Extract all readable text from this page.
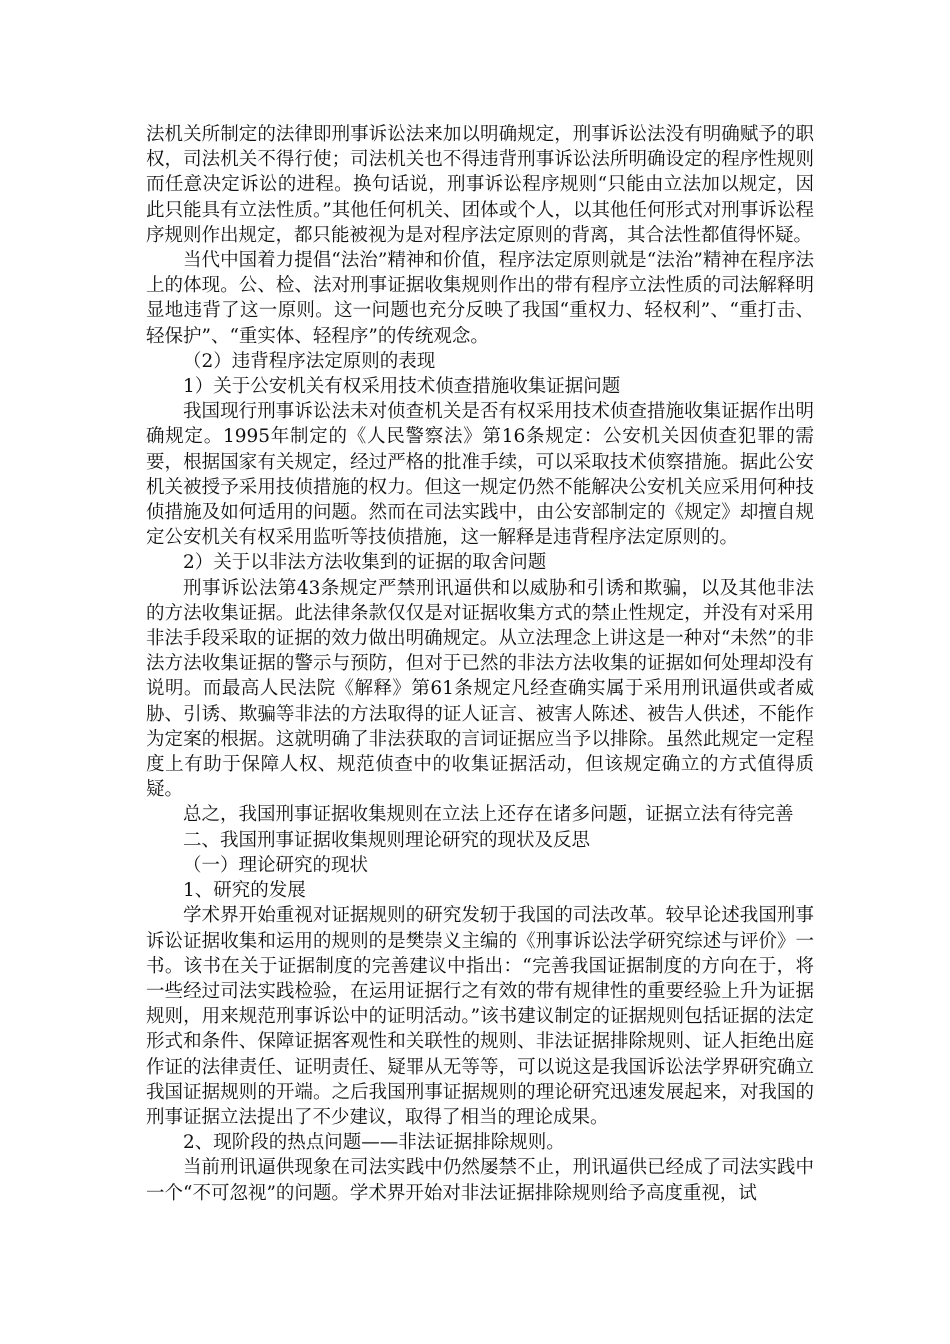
法机关所制定的法律即刑事诉讼法来加以明确规定，刑事诉讼法没有明确赋予的职权，司法机关不得行使；司法机关也不得违背刑事诉讼法所明确设定的程序性规则而任意决定诉讼的进程。换句话说，刑事诉讼程序规则“只能由立法加以规定，因此只能具有立法性质。”其他任何机关、团体或个人，以其他任何形式对刑事诉讼程序规则作出规定，都只能被视为是对程序法定原则的背离，其合法性都值得怀疑。

当代中国着力提倡“法治”精神和价值，程序法定原则就是“法治”精神在程序法上的体现。公、检、法对刑事证据收集规则作出的带有程序立法性质的司法解释明显地违背了这一原则。这一问题也充分反映了我国“重权力、轻权利”、“重打击、轻保护”、“重实体、轻程序”的传统观念。

（2）违背程序法定原则的表现

1）关于公安机关有权采用技术侦查措施收集证据问题

我国现行刑事诉讼法未对侦查机关是否有权采用技术侦查措施收集证据作出明确规定。1995年制定的《人民警察法》第16条规定：公安机关因侦查犯罪的需要，根据国家有关规定，经过严格的批准手续，可以采取技术侦察措施。据此公安机关被授予采用技侦措施的权力。但这一规定仍然不能解决公安机关应采用何种技侦措施及如何适用的问题。然而在司法实践中，由公安部制定的《规定》却擅自规定公安机关有权采用监听等技侦措施，这一解释是违背程序法定原则的。

2）关于以非法方法收集到的证据的取舍问题

刑事诉讼法第43条规定严禁刑讯逼供和以威胁和引诱和欺骗，以及其他非法的方法收集证据。此法律条款仅仅是对证据收集方式的禁止性规定，并没有对采用非法手段采取的证据的效力做出明确规定。从立法理念上讲这是一种对“未然”的非法方法收集证据的警示与预防，但对于已然的非法方法收集的证据如何处理却没有说明。而最高人民法院《解释》第61条规定凡经查确实属于采用刑讯逼供或者威胁、引诱、欺骗等非法的方法取得的证人证言、被害人陈述、被告人供述，不能作为定案的根据。这就明确了非法获取的言词证据应当予以排除。虽然此规定一定程度上有助于保障人权、规范侦查中的收集证据活动，但该规定确立的方式值得质疑。

总之，我国刑事证据收集规则在立法上还存在诸多问题，证据立法有待完善

二、我国刑事证据收集规则理论研究的现状及反思

（一）理论研究的现状

1、研究的发展

学术界开始重视对证据规则的研究发轫于我国的司法改革。较早论述我国刑事诉讼证据收集和运用的规则的是樊崇义主编的《刑事诉讼法学研究综述与评价》一书。该书在关于证据制度的完善建议中指出：“完善我国证据制度的方向在于，将一些经过司法实践检验，在运用证据行之有效的带有规律性的重要经验上升为证据规则，用来规范刑事诉讼中的证明活动。”该书建议制定的证据规则包括证据的法定形式和条件、保障证据客观性和关联性的规则、非法证据排除规则、证人拒绝出庭作证的法律责任、证明责任、疑罪从无等等，可以说这是我国诉讼法学界研究确立我国证据规则的开端。之后我国刑事证据规则的理论研究迅速发展起来，对我国的刑事证据立法提出了不少建议，取得了相当的理论成果。

2、现阶段的热点问题——非法证据排除规则。

当前刑讯逼供现象在司法实践中仍然屡禁不止，刑讯逼供已经成了司法实践中一个“不可忽视”的问题。学术界开始对非法证据排除规则给予高度重视，试
